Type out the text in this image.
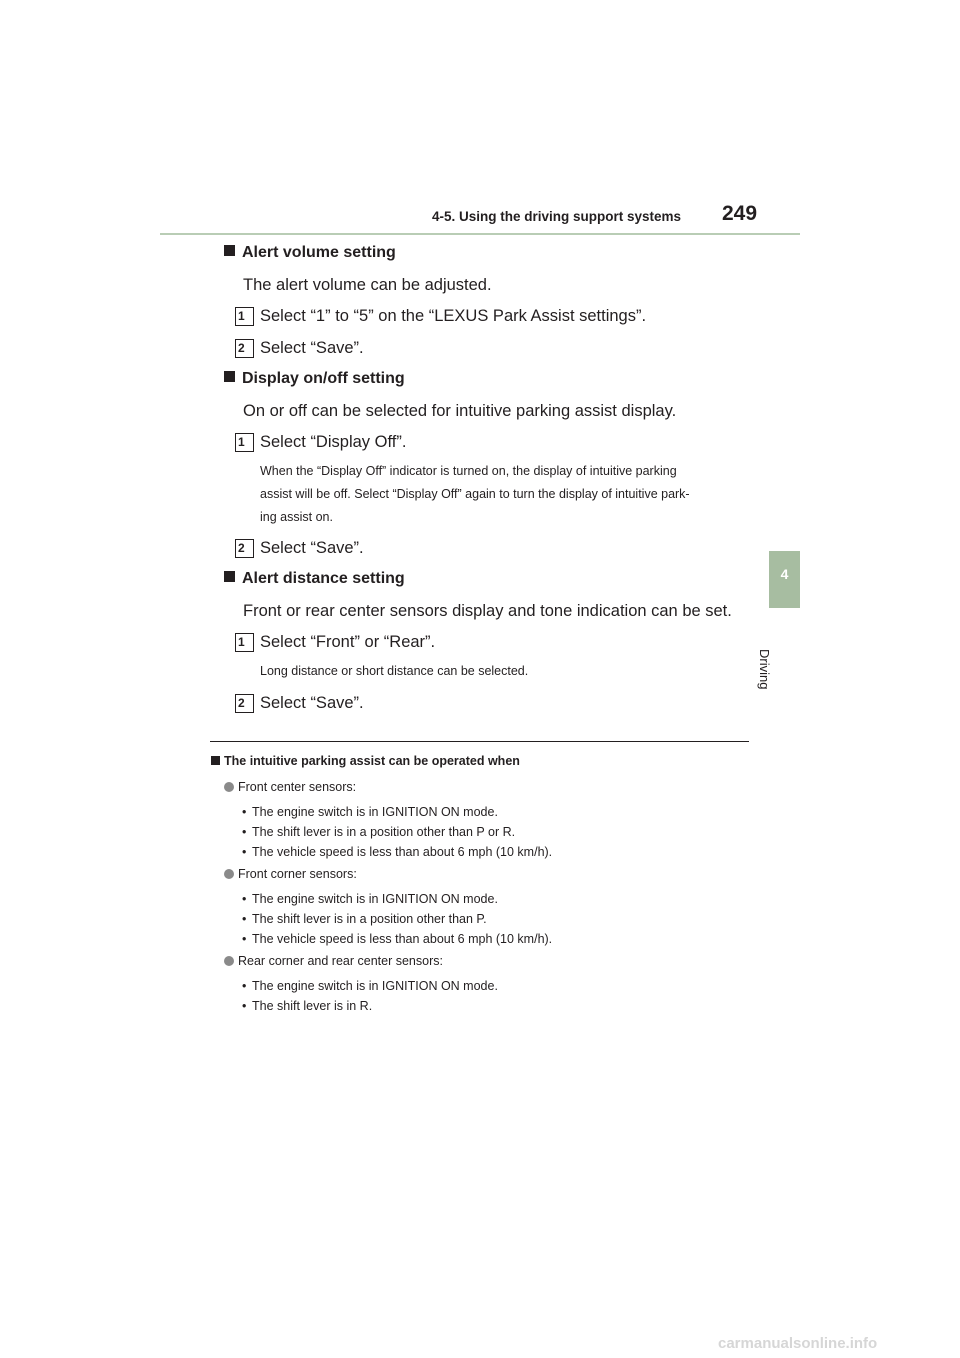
4-5. Using the driving support systems 249
4
Driving
Alert volume setting
The alert volume can be adjusted.
1 Select “1” to “5” on the “LEXUS Park Assist settings”.
2 Select “Save”.
Display on/off setting
On or off can be selected for intuitive parking assist display.
1 Select “Display Off”.
When the “Display Off” indicator is turned on, the display of intuitive parking
assist will be off. Select “Display Off” again to turn the display of intuitive park-
ing assist on.
2 Select “Save”.
Alert distance setting
Front or rear center sensors display and tone indication can be set.
1 Select “Front” or “Rear”.
Long distance or short distance can be selected.
2 Select “Save”.
The intuitive parking assist can be operated when
Front center sensors:
• The engine switch is in IGNITION ON mode.
• The shift lever is in a position other than P or R.
• The vehicle speed is less than about 6 mph (10 km/h).
Front corner sensors:
• The engine switch is in IGNITION ON mode.
• The shift lever is in a position other than P.
• The vehicle speed is less than about 6 mph (10 km/h).
Rear corner and rear center sensors:
• The engine switch is in IGNITION ON mode.
• The shift lever is in R.
carmanualsonline.info
